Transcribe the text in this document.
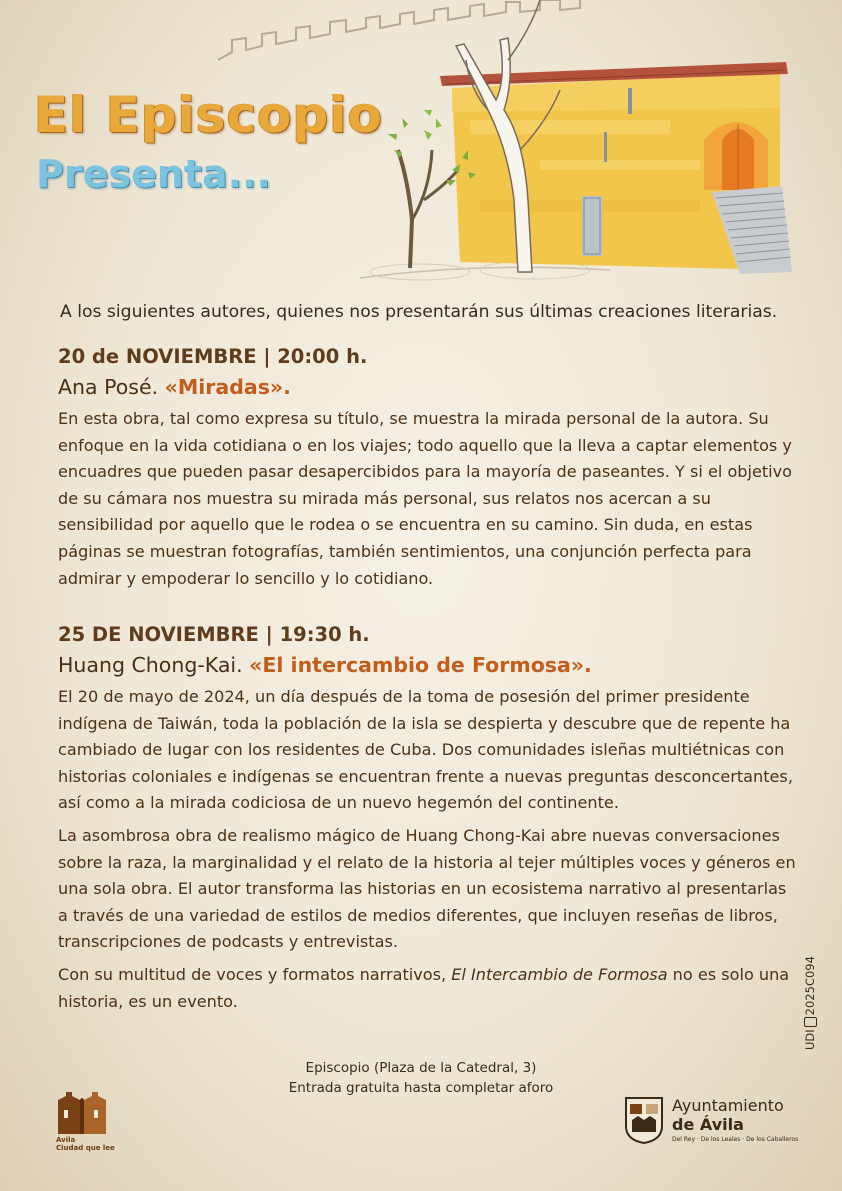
El Episcopio
Presenta...

A los siguientes autores, quienes nos presentarán sus últimas creaciones literarias.

20 de NOVIEMBRE | 20:00 h.

Ana Posé. «Miradas».

En esta obra, tal como expresa su título, se muestra la mirada personal de la autora. Su enfoque en la vida cotidiana o en los viajes; todo aquello que la lleva a captar elementos y encuadres que pueden pasar desapercibidos para la mayoría de paseantes. Y si el objetivo de su cámara nos muestra su mirada más personal, sus relatos nos acercan a su sensibilidad por aquello que le rodea o se encuentra en su camino. Sin duda, en estas páginas se muestran fotografías, también sentimientos, una conjunción perfecta para admirar y empoderar lo sencillo y lo cotidiano.

25 DE NOVIEMBRE | 19:30 h.

Huang Chong-Kai. «El intercambio de Formosa».

El 20 de mayo de 2024, un día después de la toma de posesión del primer presidente indígena de Taiwán, toda la población de la isla se despierta y descubre que de repente ha cambiado de lugar con los residentes de Cuba. Dos comunidades isleñas multiétnicas con historias coloniales e indígenas se encuentran frente a nuevas preguntas desconcertantes, así como a la mirada codiciosa de un nuevo hegemón del continente.

La asombrosa obra de realismo mágico de Huang Chong-Kai abre nuevas conversaciones sobre la raza, la marginalidad y el relato de la historia al tejer múltiples voces y géneros en una sola obra. El autor transforma las historias en un ecosistema narrativo al presentarlas a través de una variedad de estilos de medios diferentes, que incluyen reseñas de libros, transcripciones de podcasts y entrevistas.

Con su multitud de voces y formatos narrativos, El Intercambio de Formosa no es solo una historia, es un evento.

Episcopio (Plaza de la Catedral, 3)

Entrada gratuita hasta completar aforo

UDI
2025C094
Ávila
Ciudad que lee
Ayuntamiento
de Ávila
Del Rey · De los Leales · De los Caballeros
